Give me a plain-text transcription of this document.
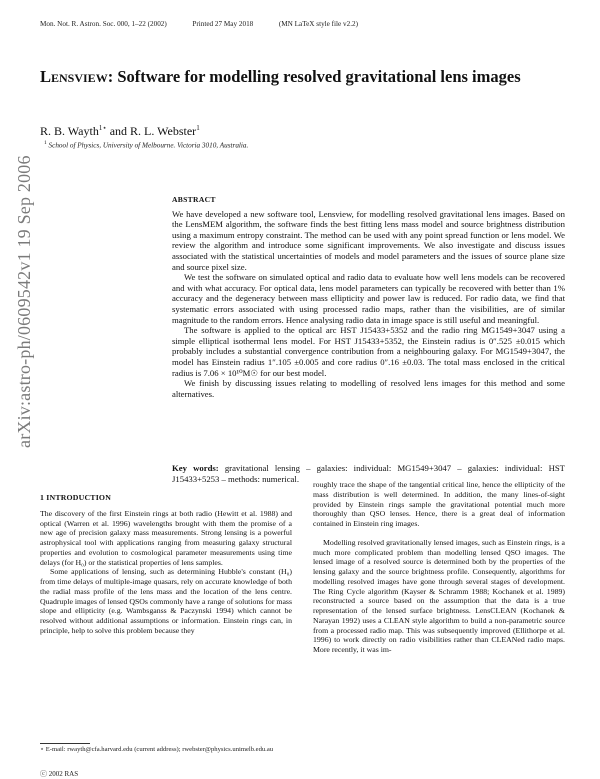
Mon. Not. R. Astron. Soc. 000, 1–22 (2002)	Printed 27 May 2018	(MN LaTeX style file v2.2)
Lensview: Software for modelling resolved gravitational lens images
R. B. Wayth$^{1⋆}$ and R. L. Webster$^1$
$^1$ School of Physics, University of Melbourne. Victoria 3010, Australia.
arXiv:astro-ph/0609542v1 19 Sep 2006	ABSTRACT

We have developed a new software tool, Lensview, for modelling resolved gravitational lens images. Based on the LensMEM algorithm, the software finds the best fitting lens mass model and source brightness distribution using a maximum entropy constraint. The method can be used with any point spread function or lens model. We review the algorithm and introduce some significant improvements. We also investigate and discuss issues associated with the statistical uncertainties of models and model parameters and the issues of source plane size and source pixel size.

We test the software on simulated optical and radio data to evaluate how well lens models can be recovered and with what accuracy. For optical data, lens model parameters can typically be recovered with better than 1% accuracy and the degeneracy between mass ellipticity and power law is reduced. For radio data, we find that systematic errors associated with using processed radio maps, rather than the visibilities, are of similar magnitude to the random errors. Hence analysing radio data in image space is still useful and meaningful.

The software is applied to the optical arc HST J15433+5352 and the radio ring MG1549+3047 using a simple elliptical isothermal lens model. For HST J15433+5352, the Einstein radius is 0″.525 ±0.015 which probably includes a substantial convergence contribution from a neighbouring galaxy. For MG1549+3047, the model has Einstein radius 1″.105 ±0.005 and core radius 0″.16 ±0.03. The total mass enclosed in the critical radius is 7.06 × 10¹⁰M☉ for our best model.

We finish by discussing issues relating to modelling of resolved lens images for this method and some alternatives.

Key words: gravitational lensing – galaxies: individual: MG1549+3047 – galaxies: individual: HST J15433+5253 – methods: numerical.
1 INTRODUCTION

The discovery of the first Einstein rings at both radio (Hewitt et al. 1988) and optical (Warren et al. 1996) wavelengths brought with them the promise of a new age of precision galaxy mass measurements. Strong lensing is a powerful astrophysical tool with applications ranging from measuring galaxy structural properties and evolution to cosmological parameter measurements using time delays (for H₀) or the statistical properties of lens samples.

Some applications of lensing, such as determining Hubble's constant (H₀) from time delays of multiple-image quasars, rely on accurate knowledge of both the radial mass profile of the lens mass and the location of the lens centre. Quadruple images of lensed QSOs commonly have a range of solutions for mass slope and ellipticity (e.g. Wambsganss & Paczynski 1994) which cannot be resolved without additional assumptions or information. Einstein rings can, in principle, help to solve this problem because they

roughly trace the shape of the tangential critical line, hence the ellipticity of the mass distribution is well determined. In addition, the many lines-of-sight provided by Einstein rings sample the gravitational potential much more thoroughly than QSO lenses. Hence, there is a great deal of information contained in Einstein ring images.

Modelling resolved gravitationally lensed images, such as Einstein rings, is a much more complicated problem than modelling lensed QSO images. The lensed image of a resolved source is determined both by the properties of the lensing galaxy and the source brightness profile. Consequently, algorithms for modelling resolved images have gone through several stages of development. The Ring Cycle algorithm (Kayser & Schramm 1988; Kochanek et al. 1989) reconstructed a source based on the assumption that the data is a true representation of the lensed surface brightness. LensCLEAN (Kochanek & Narayan 1992) uses a CLEAN style algorithm to build a non-parametric source from a processed radio map. This was subsequently improved (Ellithorpe et al. 1996) to work directly on radio visibilities rather than CLEANed radio maps. More recently, it was im-

⋆ E-mail: rwayth@cfa.harvard.edu (current address); rwebster@physics.unimelb.edu.au
ⓒ 2002 RAS
